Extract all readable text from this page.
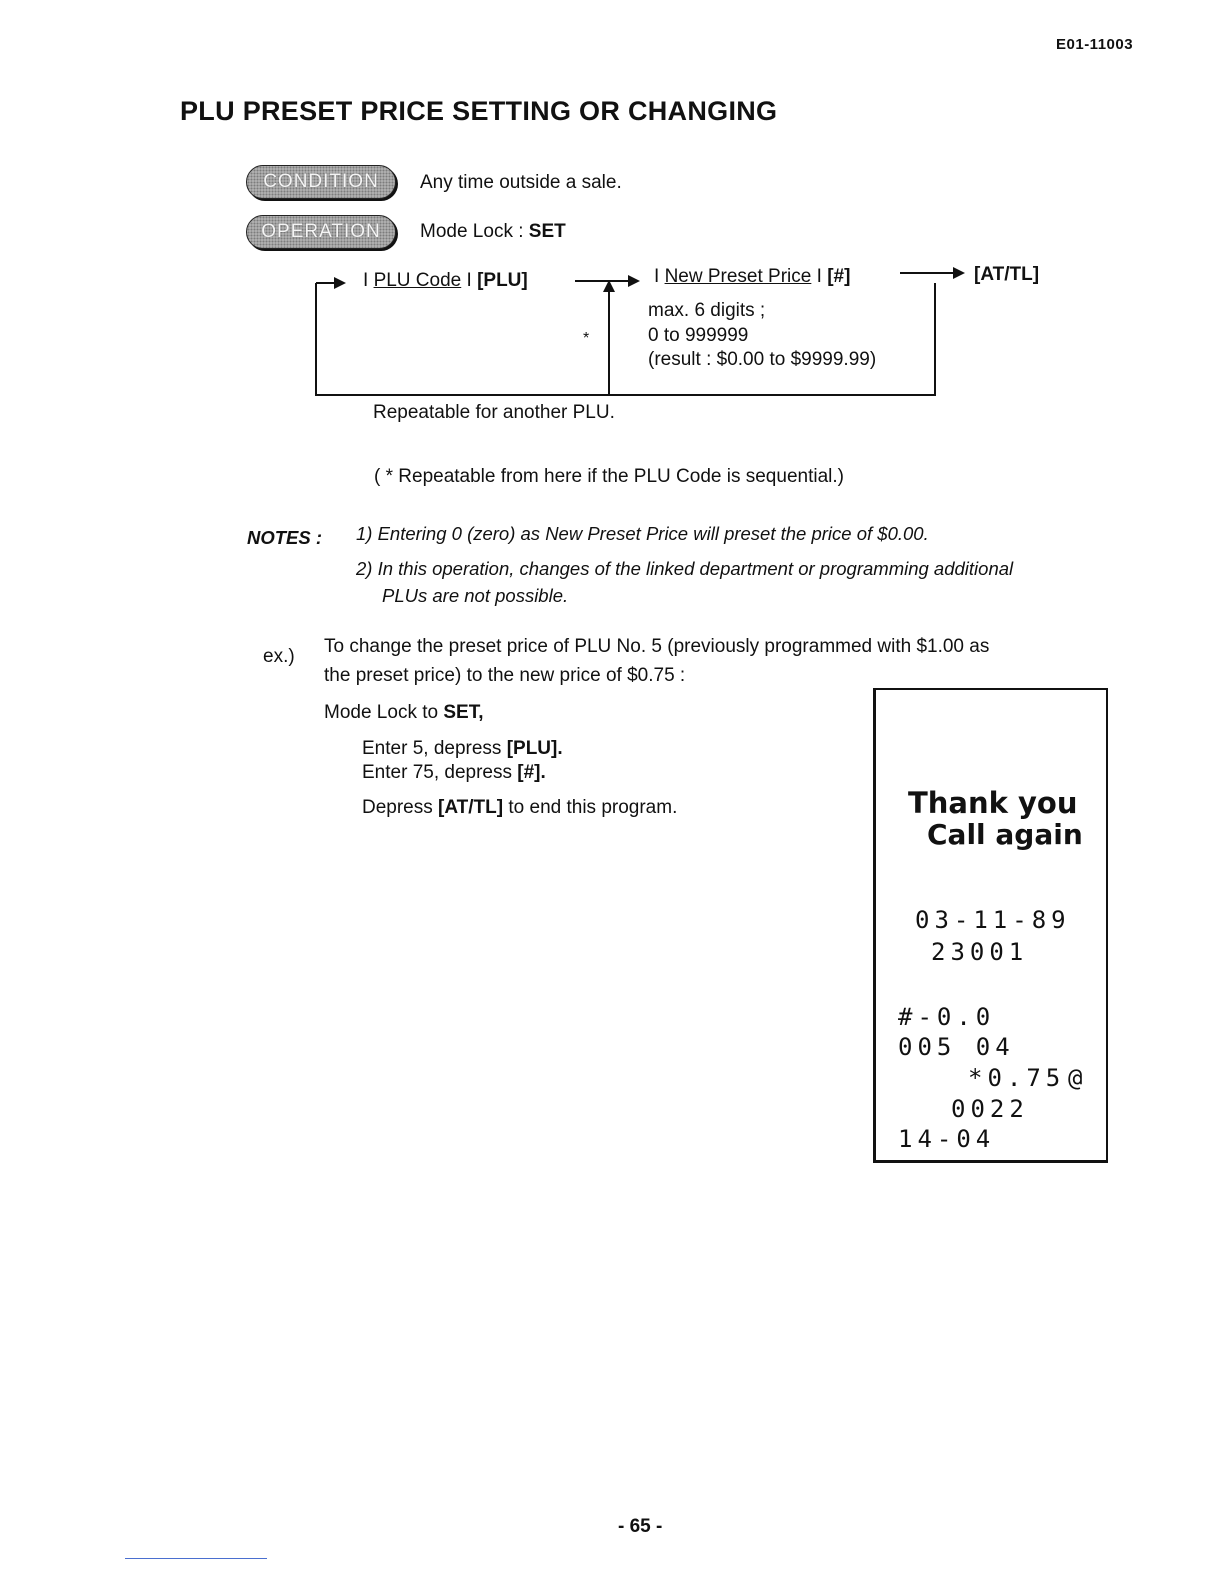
E01-11003
PLU PRESET PRICE SETTING OR CHANGING
CONDITION	Any time outside a sale.
OPERATION	Mode Lock : SET
I PLU Code I [PLU]	I New Preset Price I [#]	[AT/TL]
max. 6 digits ;
0 to 999999
(result : $0.00 to $9999.99)
*
Repeatable for another PLU.
( * Repeatable from here if the PLU Code is sequential.)
NOTES : 1) Entering 0 (zero) as New Preset Price will preset the price of $0.00.
2) In this operation, changes of the linked department or programming additional
PLUs are not possible.
ex.) To change the preset price of PLU No. 5 (previously programmed with $1.00 as
the preset price) to the new price of $0.75 :
Mode Lock to SET,
Enter 5, depress [PLU].
Enter 75, depress [#].
Depress [AT/TL] to end this program.	Thank you
Call again
03-11-89
23001
#-0.0
005 04
*0.75 @
0022
14-04
- 65 -
